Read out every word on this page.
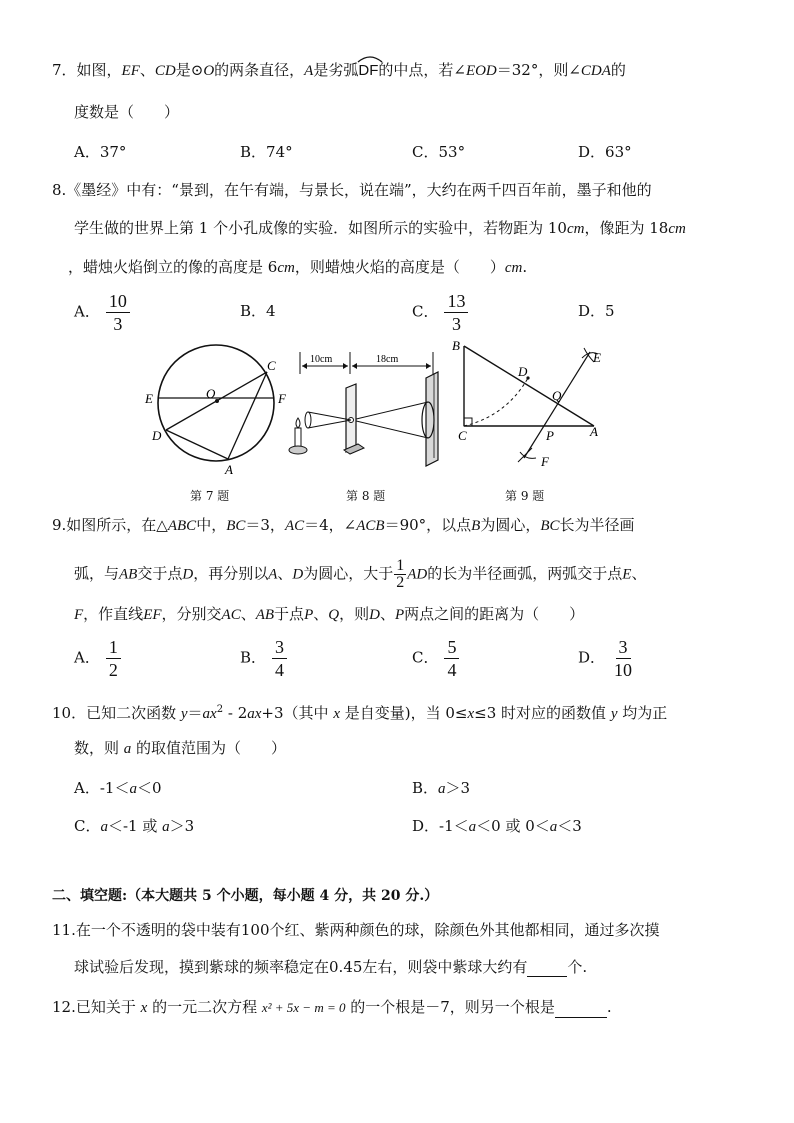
7．如图，EF、CD是⊙O的两条直径，A是劣弧
DF的中点，若∠EOD＝32°，则∠CDA的
度数是（　　）
A．37°	B．74°	C．53°	D．63°
8.《墨经》中有：“景到，在午有端，与景长，说在端”，大约在两千四百年前，墨子和他的
学生做的世界上第 1 个小孔成像的实验．如图所示的实验中，若物距为 10cm，像距为 18cm
，蜡烛火焰倒立的像的高度是 6cm，则蜡烛火焰的高度是（　　）cm.
A． $\frac{10}{3}$	B．4	C． $\frac{13}{3}$	D．5
C
E	O	F
D
A
第 7 题
10cm	18cm
第 8 题
B
D
E
Q
C	P	A
F
第 9 题
9.如图所示，在△ABC中，BC＝3，AC＝4，∠ACB＝90°，以点B为圆心，BC长为半径画
弧，与AB交于点D，再分别以A、D为圆心，大于 $\frac{1}{2}$ AD的长为半径画弧，两弧交于点E、
F，作直线EF，分别交AC、AB于点P、Q，则D、P两点之间的距离为（　　）
A． $\frac{1}{2}$	B． $\frac{3}{4}$	C． $\frac{5}{4}$	D． $\frac{3}{10}$
10．已知二次函数 $y=ax^2 - 2ax+3$（其中 x 是自变量)，当 0≤x≤3 时对应的函数值 y 均为正
数，则 a 的取值范围为（　　）
A．-1＜a＜0	B．a＞3
C．a＜-1 或 a＞3	D．-1＜a＜0 或 0＜a＜3
二、填空题:（本大题共 5 个小题，每小题 4 分，共 20 分.）
11.在一个不透明的袋中装有100个红、紫两种颜色的球，除颜色外其他都相同，通过多次摸
球试验后发现，摸到紫球的频率稳定在0.45左右，则袋中紫球大约有	个.
12.已知关于 x 的一元二次方程 x² + 5x − m = 0 的一个根是－7，则另一个根是	.
